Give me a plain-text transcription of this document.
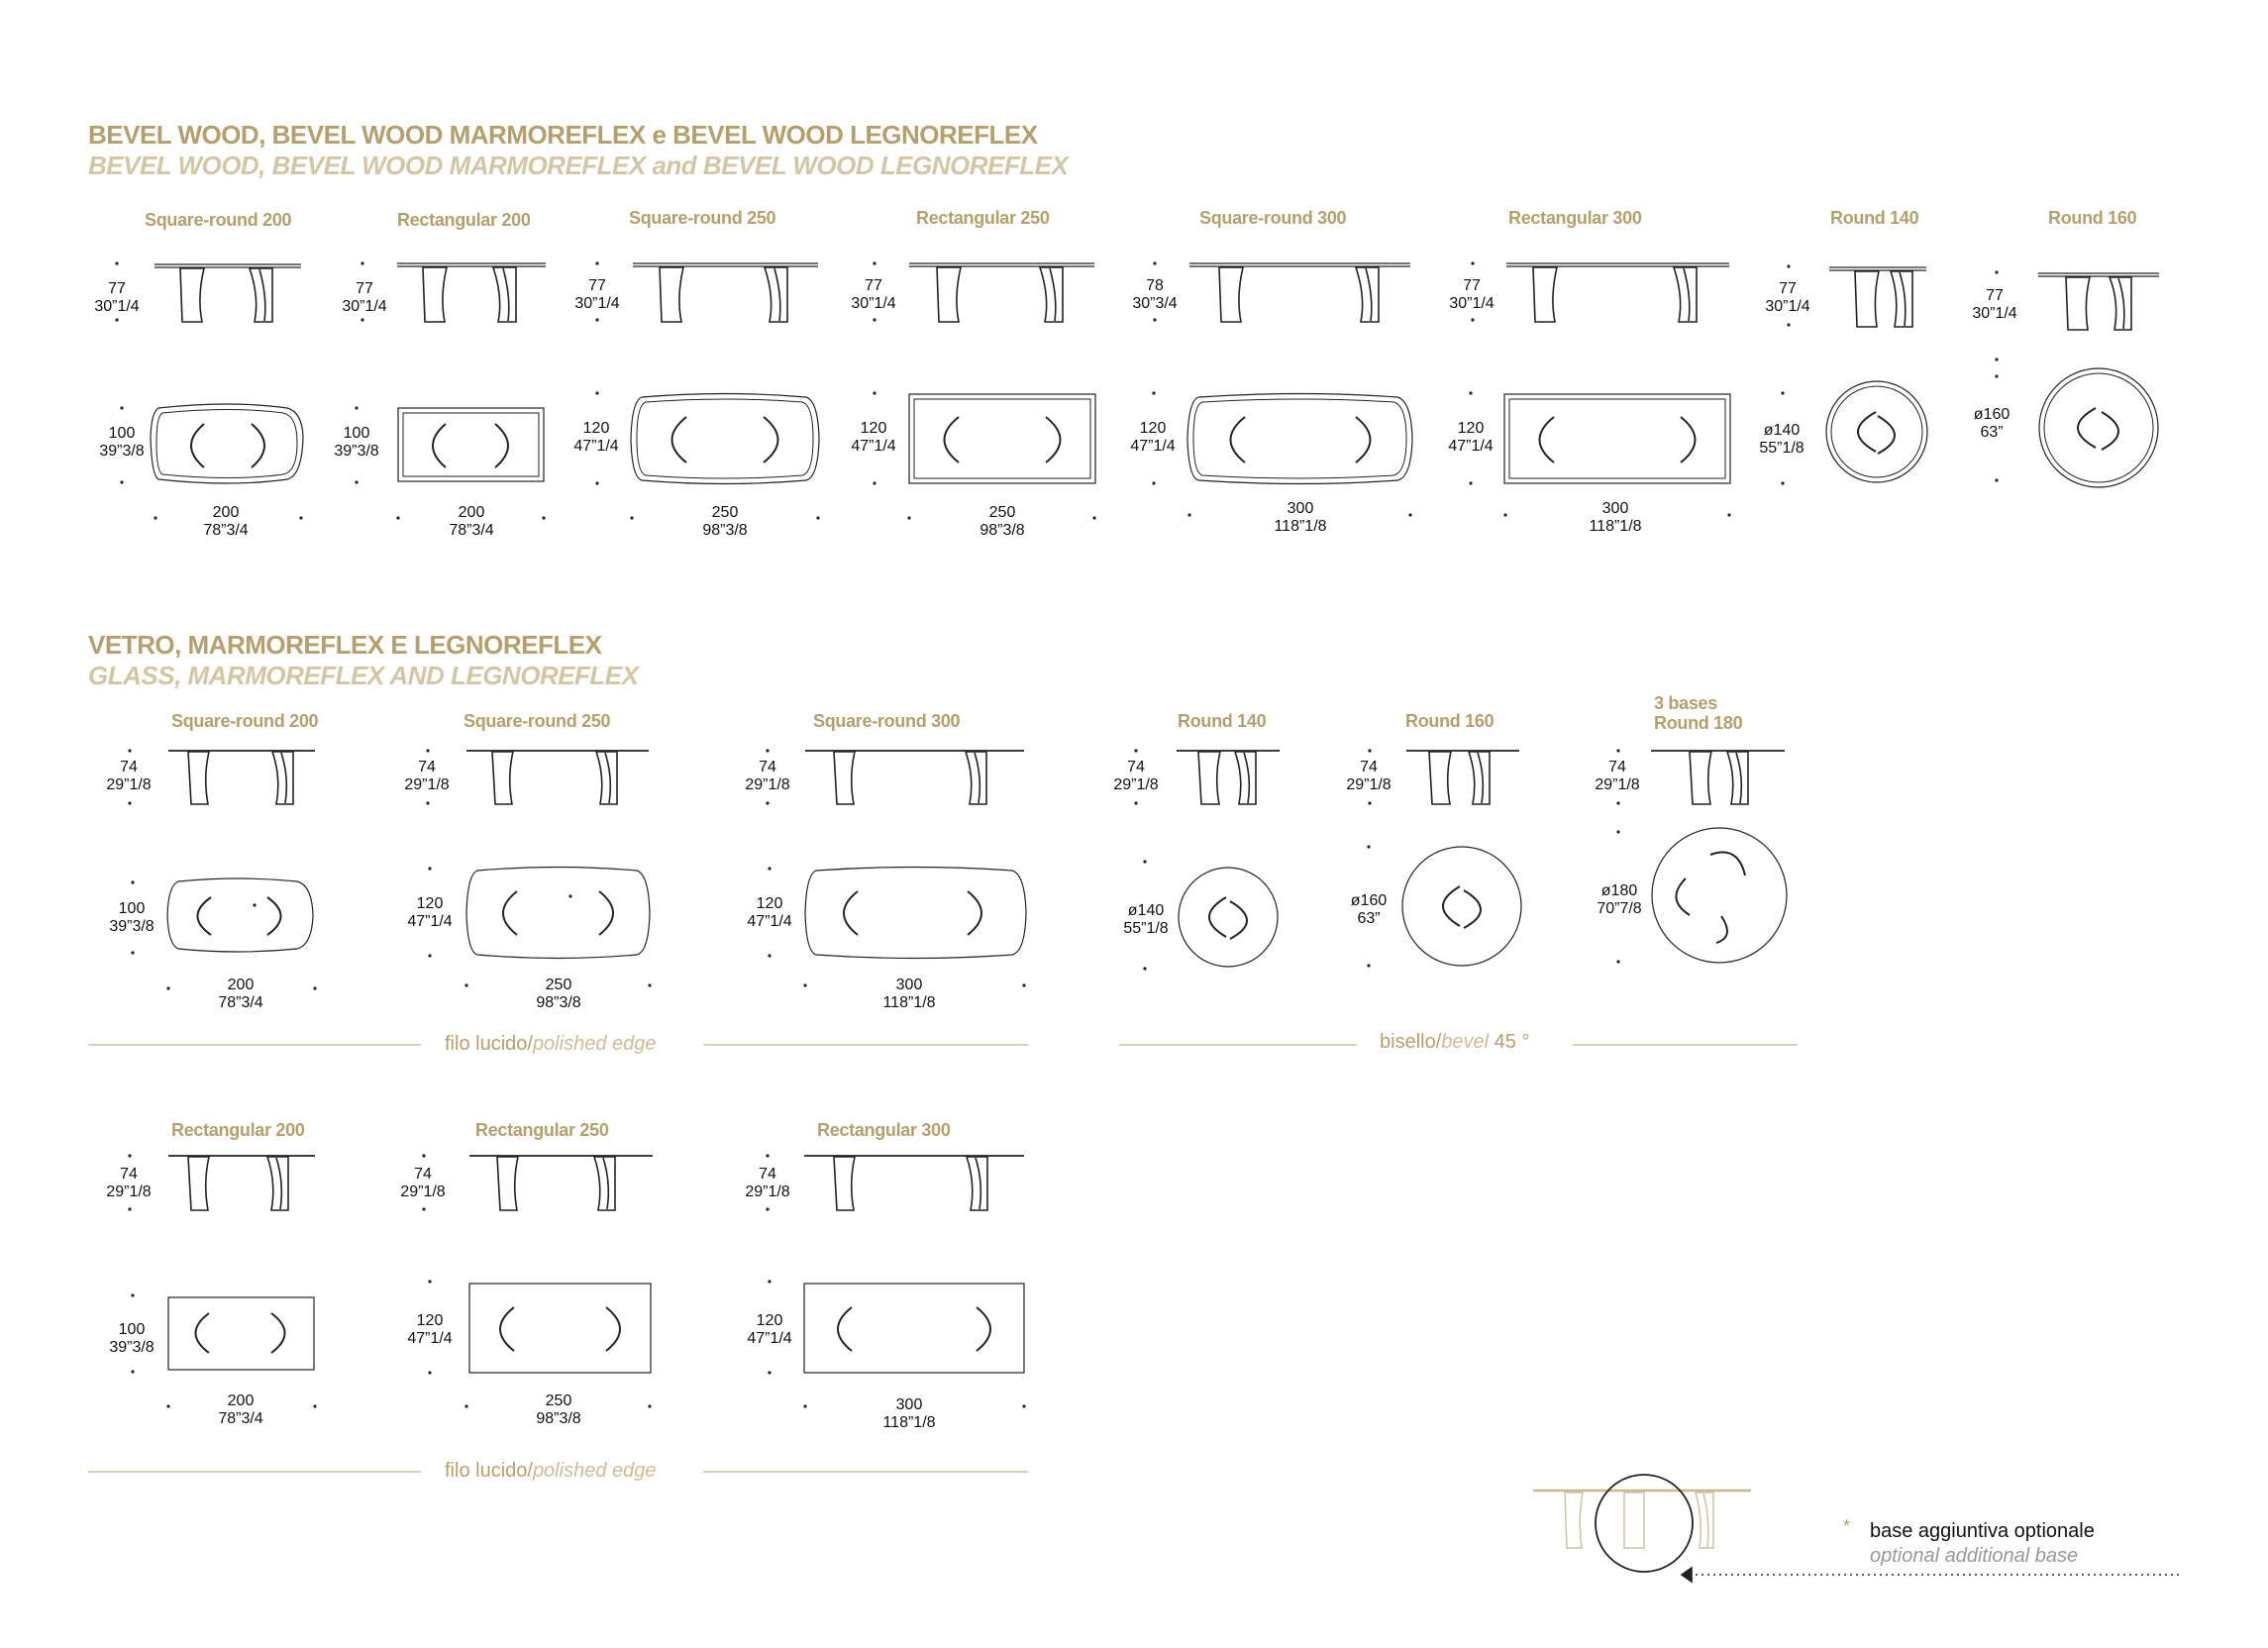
BEVEL WOOD, BEVEL WOOD MARMOREFLEX e BEVEL WOOD LEGNOREFLEX
BEVEL WOOD, BEVEL WOOD MARMOREFLEX and BEVEL WOOD LEGNOREFLEX
VETRO, MARMOREFLEX E LEGNOREFLEX
GLASS, MARMOREFLEX AND LEGNOREFLEX
Square-round 200	Rectangular 200	Square-round 250	Rectangular 250	Square-round 300	Rectangular 300	Round 140	Round 160
77
30”1/4
77
30”1/4
77
30”1/4
77
30”1/4
78
30”3/4
77
30”1/4
77
30”1/4
77
30”1/4
100
39”3/8
100
39”3/8
120
47”1/4
120
47”1/4
120
47”1/4
120
47”1/4
ø140
55”1/8
ø160
63”
200
78”3/4
200
78”3/4
250
98”3/8
250
98”3/8
300
118”1/8
300
118”1/8
Square-round 200	Square-round 250	Square-round 300	Round 140	Round 160
3 bases
Round 180
74
29”1/8
74
29”1/8
74
29”1/8
74
29”1/8
74
29”1/8
74
29”1/8
100
39”3/8
120
47”1/4
120
47”1/4
ø140
55”1/8
ø160
63”
ø180
70”7/8
200
78”3/4
250
98”3/8
300
118”1/8
filo lucido/polished edge	bisello/bevel 45 °
filo lucido/polished edge
Rectangular 200	Rectangular 250	Rectangular 300
74
29”1/8
74
29”1/8
74
29”1/8
100
39”3/8
120
47”1/4
120
47”1/4
200
78”3/4
250
98”3/8
300
118”1/8
* base aggiuntiva optionale
optional additional base
